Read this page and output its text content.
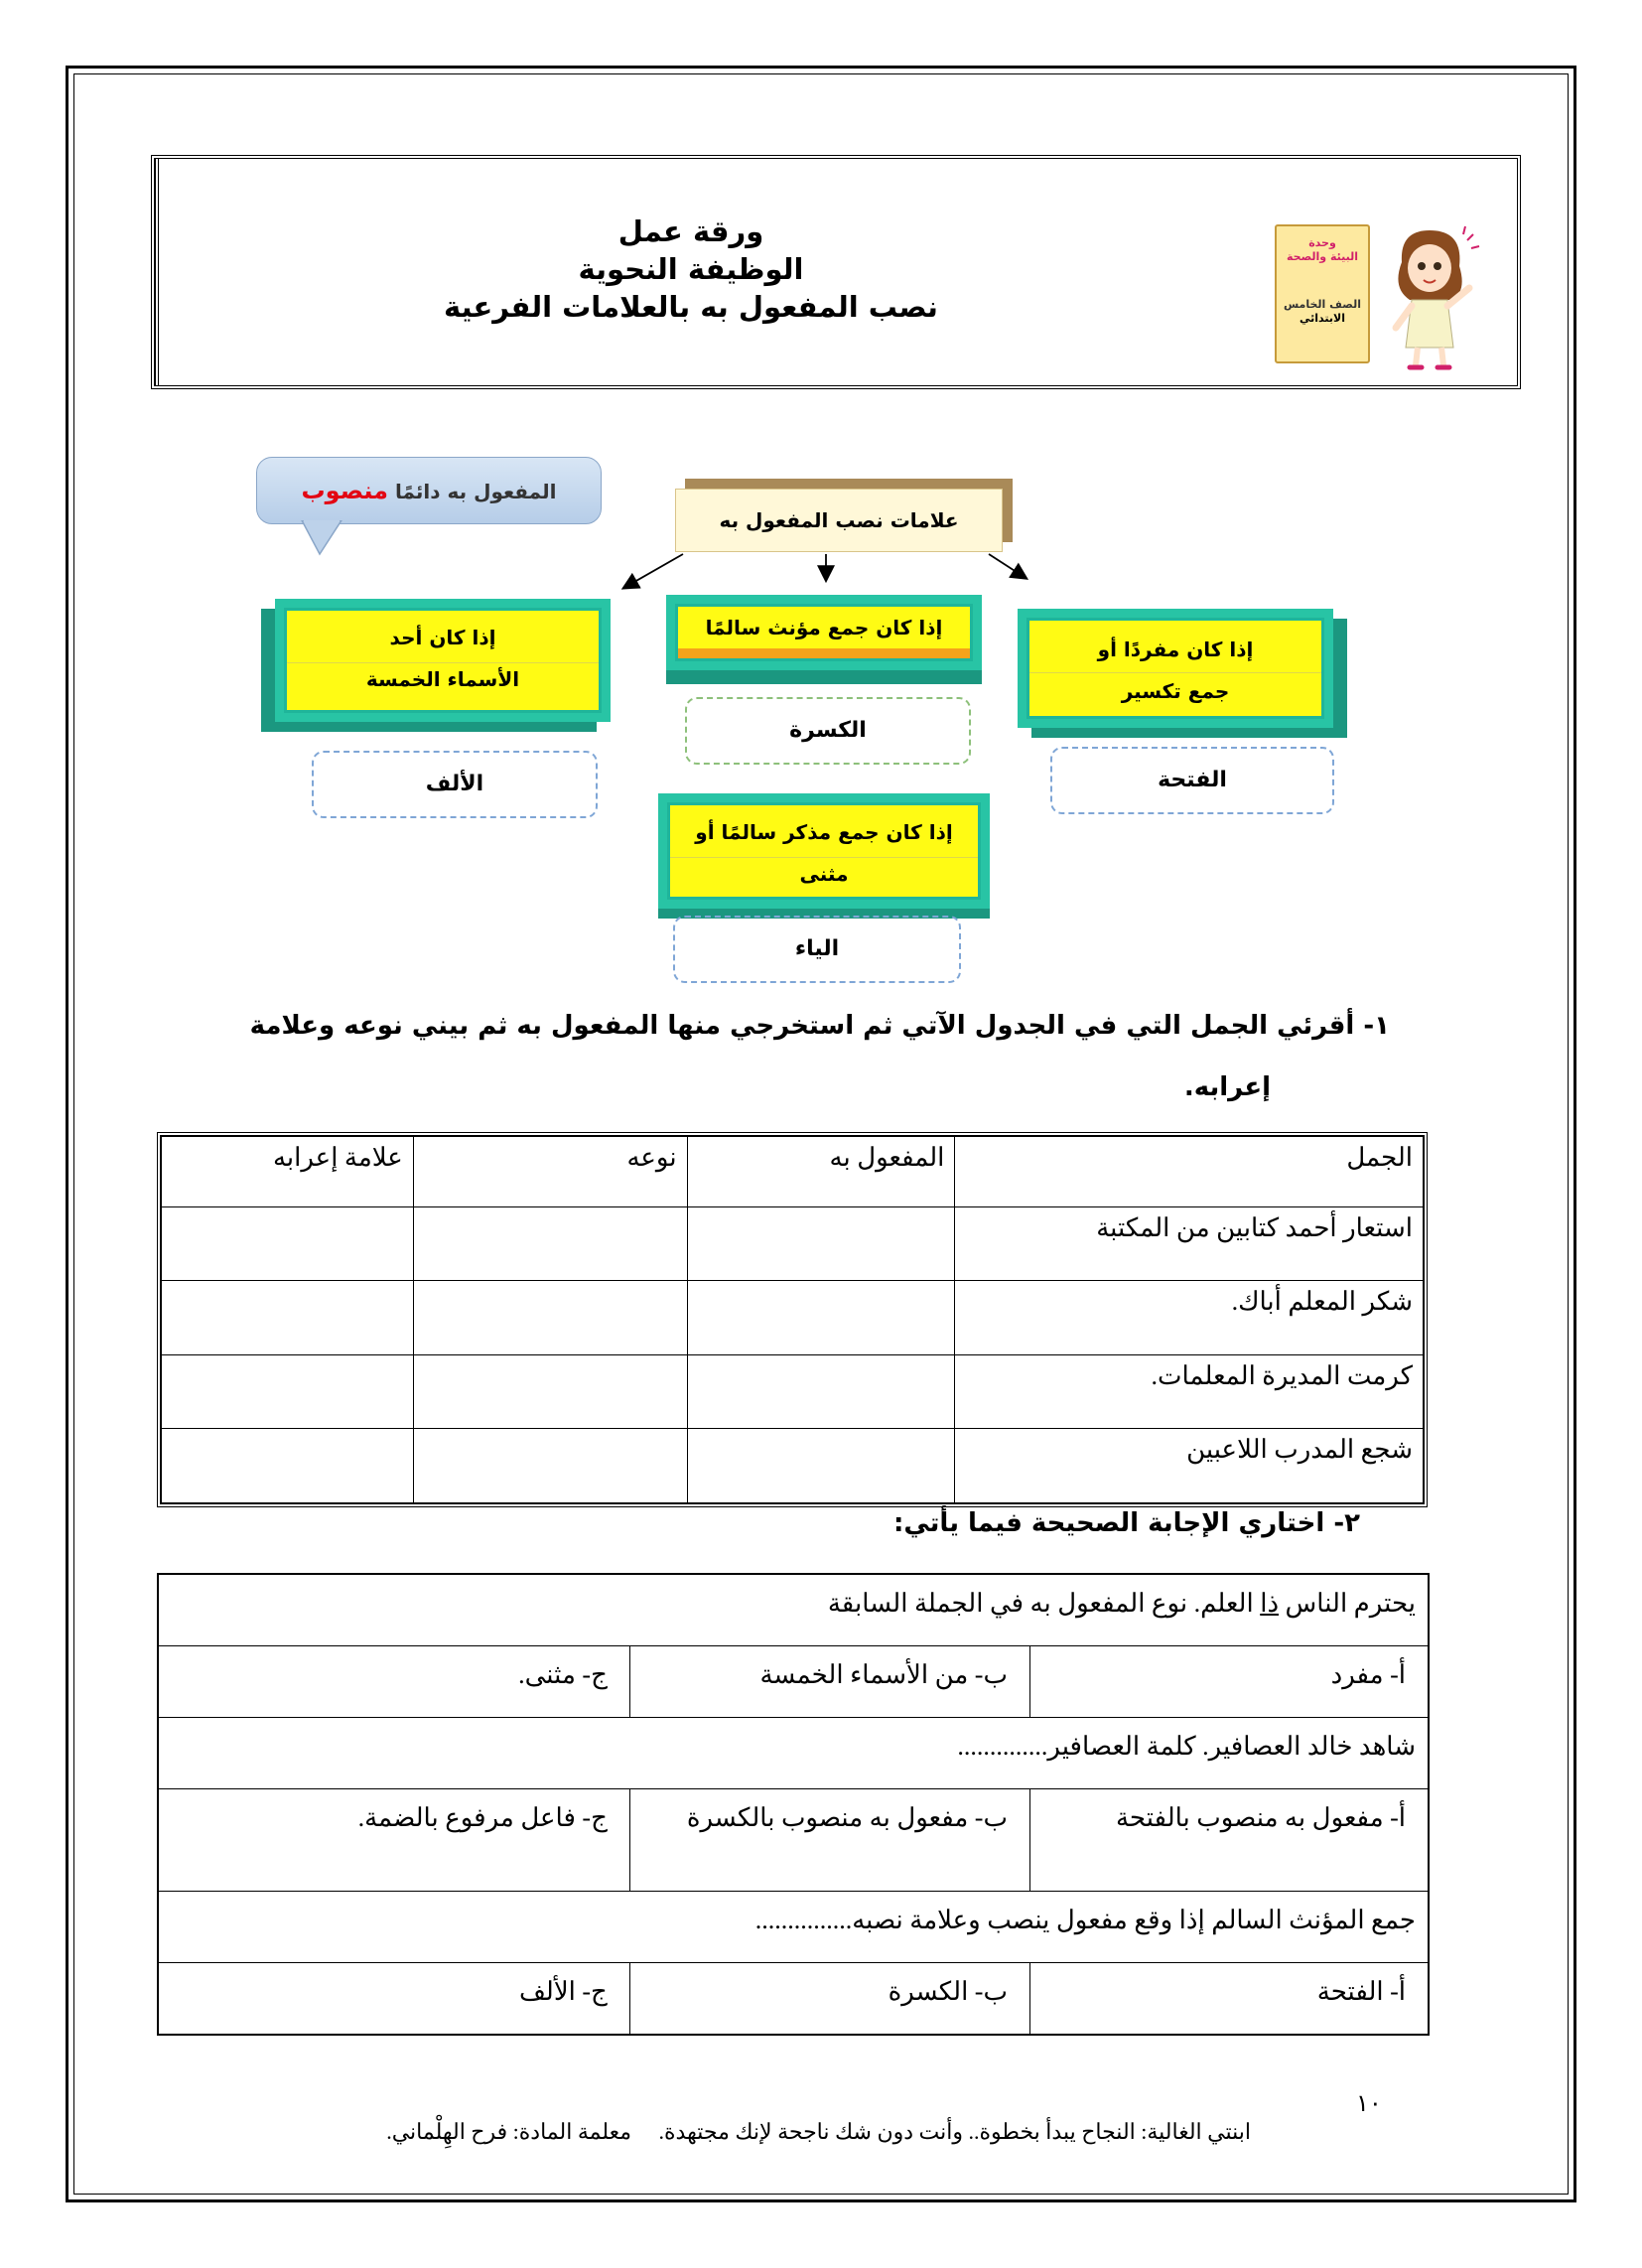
ورقة عمل
الوظيفة النحوية
نصب المفعول به بالعلامات الفرعية
وحدة
البيئة والصحة
الصف الخامس
الابتدائي
المفعول به دائمًا منصوب
علامات نصب المفعول به
إذا كان مفردًا أو
جمع تكسير
إذا كان جمع مؤنث سالمًا
إذا كان أحد
الأسماء الخمسة
إذا كان جمع مذكر سالمًا أو
مثنى
الفتحة
الكسرة
الألف
الياء
١- أقرئي الجمل التي في الجدول الآتي ثم استخرجي منها المفعول به ثم بيني نوعه وعلامة
إعرابه.
الجمل	المفعول به	نوعه	علامة إعرابه
استعار أحمد كتابين من المكتبة			
شكر المعلم أباك.			
كرمت المديرة المعلمات.			
شجع المدرب اللاعبين			
٢- اختاري الإجابة الصحيحة فيما يأتي:
يحترم الناس ذا العلم. نوع المفعول به في الجملة السابقة		
أ- مفرد	ب- من الأسماء الخمسة	ج- مثنى.
شاهد خالد العصافير. كلمة العصافير..............		
أ- مفعول به منصوب بالفتحة	ب- مفعول به منصوب بالكسرة	ج- فاعل مرفوع بالضمة.
جمع المؤنث السالم إذا وقع مفعول ينصب وعلامة نصبه...............		
أ- الفتحة	ب- الكسرة	ج- الألف
١٠
ابنتي الغالية: النجاح يبدأ بخطوة.. وأنت دون شك ناجحة لإنك مجتهدة.     معلمة المادة: فرح الهِلْماني.
